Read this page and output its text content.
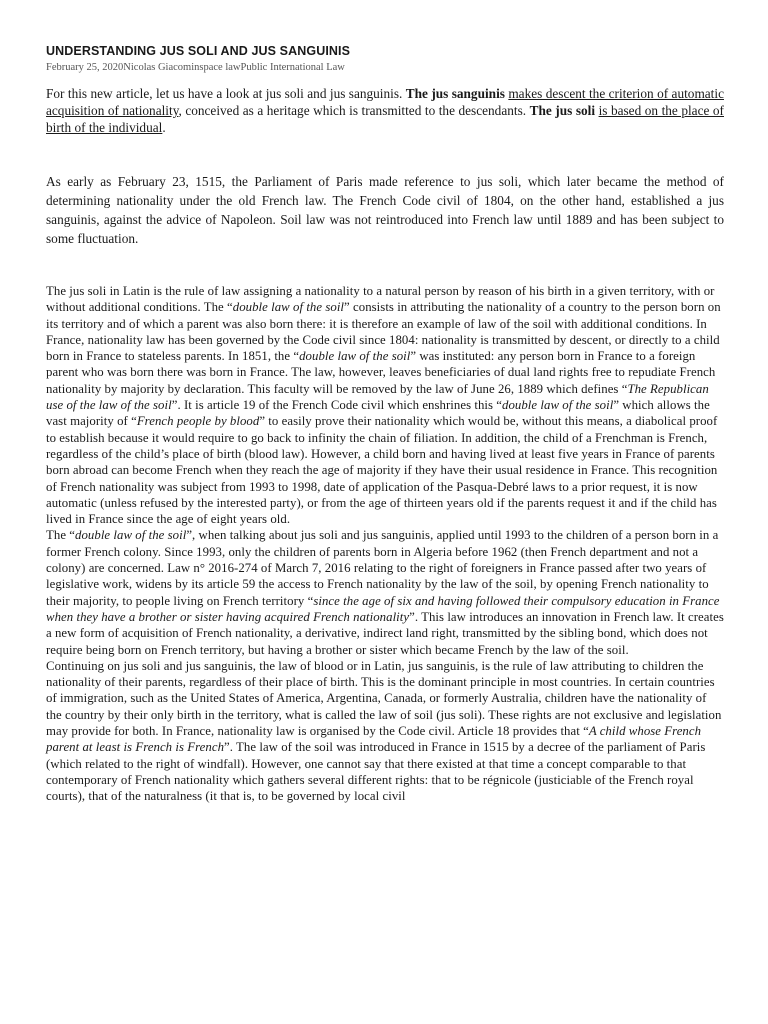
UNDERSTANDING JUS SOLI AND JUS SANGUINIS
February 25, 2020Nicolas Giacominspace lawPublic International Law

For this new article, let us have a look at jus soli and jus sanguinis. The jus sanguinis makes descent the criterion of automatic acquisition of nationality, conceived as a heritage which is transmitted to the descendants. The jus soli is based on the place of birth of the individual.

As early as February 23, 1515, the Parliament of Paris made reference to jus soli, which later became the method of determining nationality under the old French law. The French Code civil of 1804, on the other hand, established a jus sanguinis, against the advice of Napoleon. Soil law was not reintroduced into French law until 1889 and has been subject to some fluctuation.

The jus soli in Latin is the rule of law assigning a nationality to a natural person by reason of his birth in a given territory, with or without additional conditions. The “double law of the soil” consists in attributing the nationality of a country to the person born on its territory and of which a parent was also born there: it is therefore an example of law of the soil with additional conditions. In France, nationality law has been governed by the Code civil since 1804: nationality is transmitted by descent, or directly to a child born in France to stateless parents. In 1851, the “double law of the soil” was instituted: any person born in France to a foreign parent who was born there was born in France. The law, however, leaves beneficiaries of dual land rights free to repudiate French nationality by majority by declaration. This faculty will be removed by the law of June 26, 1889 which defines “The Republican use of the law of the soil”. It is article 19 of the French Code civil which enshrines this “double law of the soil” which allows the vast majority of “French people by blood” to easily prove their nationality which would be, without this means, a diabolical proof to establish because it would require to go back to infinity the chain of filiation. In addition, the child of a Frenchman is French, regardless of the child’s place of birth (blood law). However, a child born and having lived at least five years in France of parents born abroad can become French when they reach the age of majority if they have their usual residence in France. This recognition of French nationality was subject from 1993 to 1998, date of application of the Pasqua-Debré laws to a prior request, it is now automatic (unless refused by the interested party), or from the age of thirteen years old if the parents request it and if the child has lived in France since the age of eight years old.

The “double law of the soil”, when talking about jus soli and jus sanguinis, applied until 1993 to the children of a person born in a former French colony. Since 1993, only the children of parents born in Algeria before 1962 (then French department and not a colony) are concerned. Law n° 2016-274 of March 7, 2016 relating to the right of foreigners in France passed after two years of legislative work, widens by its article 59 the access to French nationality by the law of the soil, by opening French nationality to their majority, to people living on French territory “since the age of six and having followed their compulsory education in France when they have a brother or sister having acquired French nationality”. This law introduces an innovation in French law. It creates a new form of acquisition of French nationality, a derivative, indirect land right, transmitted by the sibling bond, which does not require being born on French territory, but having a brother or sister which became French by the law of the soil.

Continuing on jus soli and jus sanguinis, the law of blood or in Latin, jus sanguinis, is the rule of law attributing to children the nationality of their parents, regardless of their place of birth. This is the dominant principle in most countries. In certain countries of immigration, such as the United States of America, Argentina, Canada, or formerly Australia, children have the nationality of the country by their only birth in the territory, what is called the law of soil (jus soli). These rights are not exclusive and legislation may provide for both. In France, nationality law is organised by the Code civil. Article 18 provides that “A child whose French parent at least is French is French”. The law of the soil was introduced in France in 1515 by a decree of the parliament of Paris (which related to the right of windfall). However, one cannot say that there existed at that time a concept comparable to that contemporary of French nationality which gathers several different rights: that to be régnicole (justiciable of the French royal courts), that of the naturalness (it that is, to be governed by local civil
